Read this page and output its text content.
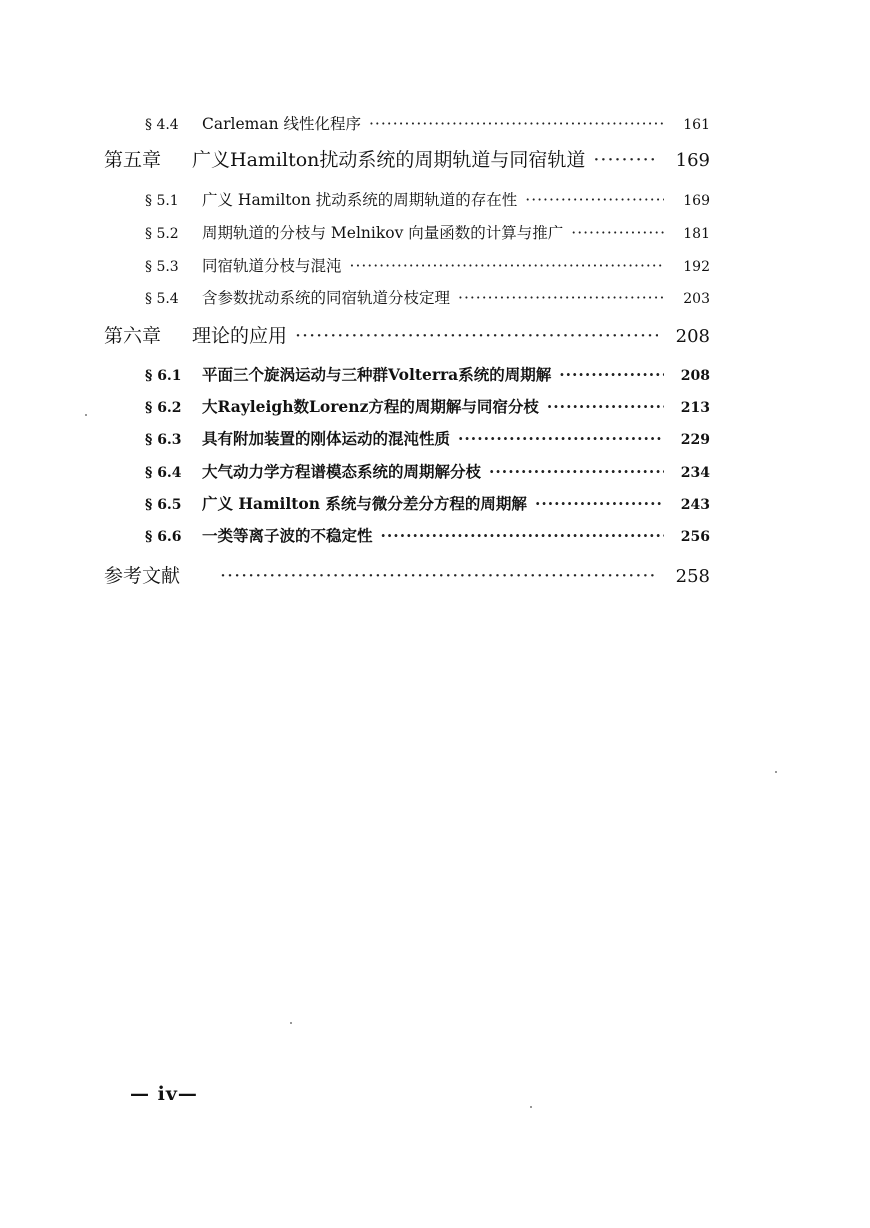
§ 4.4	Carleman 线性化程序 ·····	161
第五章	广义Hamilton扰动系统的周期轨道与同宿轨道 ·····	169
§ 5.1	广义 Hamilton 扰动系统的周期轨道的存在性 ·····	169
§ 5.2	周期轨道的分枝与 Melnikov 向量函数的计算与推广 ·····	181
§ 5.3	同宿轨道分枝与混沌 ·····	192
§ 5.4	含参数扰动系统的同宿轨道分枝定理 ·····	203
第六章	理论的应用 ·····	208
§ 6.1	平面三个旋涡运动与三种群Volterra系统的周期解 ·····	208
§ 6.2	大Rayleigh数Lorenz方程的周期解与同宿分枝 ·····	213
§ 6.3	具有附加装置的刚体运动的混沌性质 ·····	229
§ 6.4	大气动力学方程谱模态系统的周期解分枝 ·····	234
§ 6.5	广义 Hamilton 系统与微分差分方程的周期解 ·····	243
§ 6.6	一类等离子波的不稳定性 ·····	256
参考文献 ·····	258
— iv—
